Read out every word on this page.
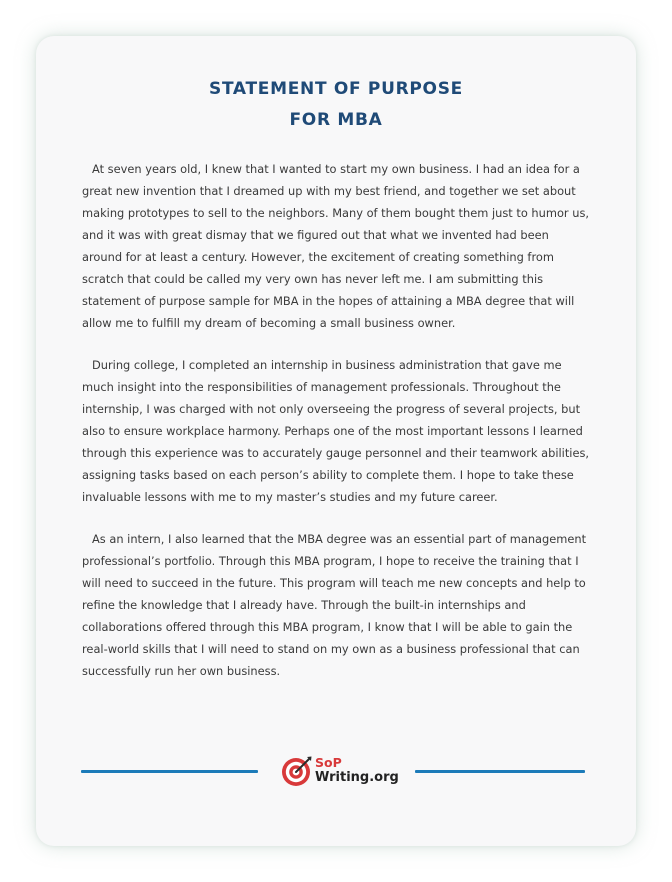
STATEMENT OF PURPOSE
FOR MBA

At seven years old, I knew that I wanted to start my own business. I had an idea for a great new invention that I dreamed up with my best friend, and together we set about making prototypes to sell to the neighbors. Many of them bought them just to humor us, and it was with great dismay that we figured out that what we invented had been around for at least a century. However, the excitement of creating something from scratch that could be called my very own has never left me. I am submitting this statement of purpose sample for MBA in the hopes of attaining a MBA degree that will allow me to fulfill my dream of becoming a small business owner.

During college, I completed an internship in business administration that gave me much insight into the responsibilities of management professionals. Throughout the internship, I was charged with not only overseeing the progress of several projects, but also to ensure workplace harmony. Perhaps one of the most important lessons I learned through this experience was to accurately gauge personnel and their teamwork abilities, assigning tasks based on each person’s ability to complete them. I hope to take these invaluable lessons with me to my master’s studies and my future career.

As an intern, I also learned that the MBA degree was an essential part of management professional’s portfolio. Through this MBA program, I hope to receive the training that I will need to succeed in the future. This program will teach me new concepts and help to refine the knowledge that I already have. Through the built-in internships and collaborations offered through this MBA program, I know that I will be able to gain the real-world skills that I will need to stand on my own as a business professional that can successfully run her own business.

SoP
Writing.org
